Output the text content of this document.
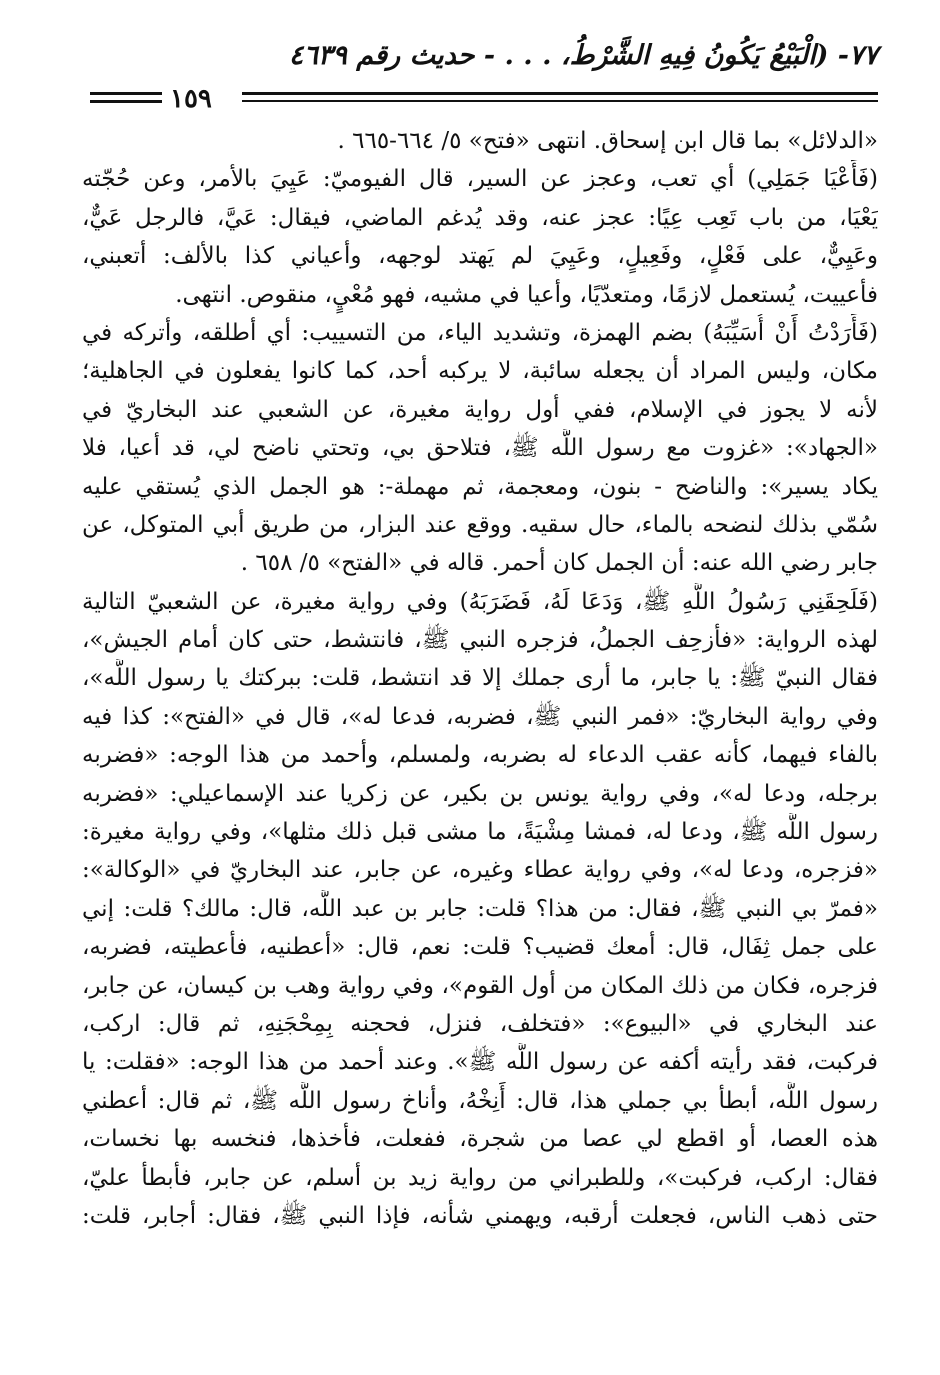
٧٧- (الْبَيْعُ يَكُونُ فِيهِ الشَّرْطُ، . . . - حديث رقم ٤٦٣٩
١٥٩
«الدلائل» بما قال ابن إسحاق. انتهى «فتح» ٥/ ٦٦٤-٦٦٥ .
(فَأَعْيَا جَمَلِي) أي تعب، وعجز عن السير، قال الفيوميّ: عَيِيَ بالأمر، وعن حُجّته
يَعْيَا، من باب تَعِب عِيًا: عجز عنه، وقد يُدغم الماضي، فيقال: عَيَّ، فالرجل عَيٌّ،
وعَيِيٌّ، على فَعْلٍ، وفَعِيلٍ، وعَيِيَ لم يَهتد لوجهه، وأعياني كذا بالألف: أتعبني،
فأعييت، يُستعمل لازمًا، ومتعدّيًا، وأعيا في مشيه، فهو مُعْيٍ، منقوص. انتهى.
(فَأَرَدْتُ أَنْ أُسَيِّبَهُ) بضم الهمزة، وتشديد الياء، من التسييب: أي أطلقه، وأتركه في
مكان، وليس المراد أن يجعله سائبة، لا يركبه أحد، كما كانوا يفعلون في الجاهلية؛
لأنه لا يجوز في الإسلام، ففي أول رواية مغيرة، عن الشعبي عند البخاريّ في
«الجهاد»: «غزوت مع رسول اللَّه ﷺ، فتلاحق بي، وتحتي ناضح لي، قد أعيا، فلا
يكاد يسير»: والناضح - بنون، ومعجمة، ثم مهملة-: هو الجمل الذي يُستقي عليه
سُمّي بذلك لنضحه بالماء، حال سقيه. ووقع عند البزار، من طريق أبي المتوكل، عن
جابر رضي الله عنه: أن الجمل كان أحمر. قاله في «الفتح» ٥/ ٦٥٨ .
(فَلَحِقَنِي رَسُولُ اللَّهِ ﷺ، وَدَعَا لَهُ، فَضَرَبَهُ) وفي رواية مغيرة، عن الشعبيّ التالية
لهذه الرواية: «فأزحِف الجملُ، فزجره النبي ﷺ، فانتشط، حتى كان أمام الجيش»،
فقال النبيّ ﷺ: يا جابر، ما أرى جملك إلا قد انتشط، قلت: ببركتك يا رسول اللَّه»،
وفي رواية البخاريّ: «فمر النبي ﷺ، فضربه، فدعا له»، قال في «الفتح»: كذا فيه
بالفاء فيهما، كأنه عقب الدعاء له بضربه، ولمسلم، وأحمد من هذا الوجه: «فضربه
برجله، ودعا له»، وفي رواية يونس بن بكير، عن زكريا عند الإسماعيلي: «فضربه
رسول اللَّه ﷺ، ودعا له، فمشا مِشْيَةً، ما مشى قبل ذلك مثلها»، وفي رواية مغيرة:
«فزجره، ودعا له»، وفي رواية عطاء وغيره، عن جابر، عند البخاريّ في «الوكالة»:
«فمرّ بي النبي ﷺ، فقال: من هذا؟ قلت: جابر بن عبد اللَّه، قال: مالك؟ قلت: إني
على جمل ثِفَال، قال: أمعك قضيب؟ قلت: نعم، قال: «أعطنيه، فأعطيته، فضربه،
فزجره، فكان من ذلك المكان من أول القوم»، وفي رواية وهب بن كيسان، عن جابر،
عند البخاري في «البيوع»: «فتخلف، فنزل، فحجنه بِمِحْجَنِهِ، ثم قال: اركب،
فركبت، فقد رأيته أكفه عن رسول اللَّه ﷺ». وعند أحمد من هذا الوجه: «فقلت: يا
رسول اللَّه، أبطأ بي جملي هذا، قال: أَنِخْهُ، وأناخ رسول اللَّه ﷺ، ثم قال: أعطني
هذه العصا، أو اقطع لي عصا من شجرة، ففعلت، فأخذها، فنخسه بها نخسات،
فقال: اركب، فركبت»، وللطبراني من رواية زيد بن أسلم، عن جابر، فأبطأ عليّ،
حتى ذهب الناس، فجعلت أرقبه، ويهمني شأنه، فإذا النبي ﷺ، فقال: أجابر، قلت:
